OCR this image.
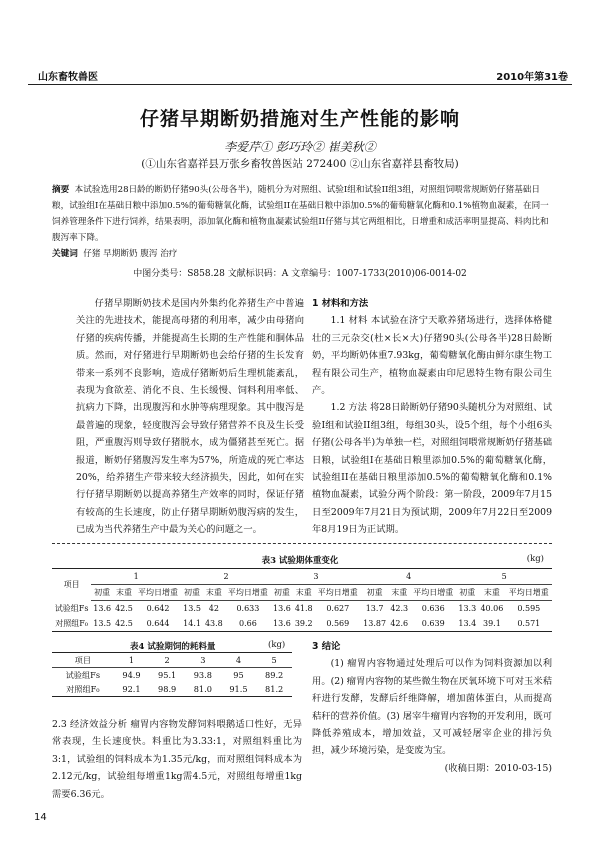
山东畜牧兽医	2010年第31卷
仔猪早期断奶措施对生产性能的影响
李爱芹① 彭巧玲② 崔美秋②
(①山东省嘉祥县万张乡畜牧兽医站 272400 ②山东省嘉祥县畜牧局)
摘要 本试验选用28日龄的断奶仔猪90头(公母各半)，随机分为对照组、试验I组和试验II组3组，对照组饲喂常规断奶仔猪基础日粮，试验组I在基础日粮中添加0.5%的葡萄糖氧化酶，试验组II在基础日粮中添加0.5%的葡萄糖氧化酶和0.1%植物血凝素，在同一饲养管理条件下进行饲养，结果表明，添加氧化酶和植物血凝素试验组II仔猪与其它两组相比，日增重和成活率明显提高、料肉比和腹泻率下降。
关键词 仔猪 早期断奶 腹泻 治疗
中图分类号：S858.28 文献标识码：A 文章编号：1007-1733(2010)06-0014-02

仔猪早期断奶技术是国内外集约化养猪生产中普遍关注的先进技术，能提高母猪的利用率，减少由母猪向仔猪的疾病传播，并能提高生长期的生产性能和胴体品质。然而，对仔猪进行早期断奶也会给仔猪的生长发育带来一系列不良影响，造成仔猪断奶后生理机能紊乱，表现为食欲差、消化不良、生长缓慢、饲料利用率低、抗病力下降，出现腹泻和水肿等病理现象。其中腹泻是最普遍的现象，轻度腹泻会导致仔猪营养不良及生长受阻，严重腹泻则导致仔猪脱水，成为僵猪甚至死亡。据报道，断奶仔猪腹泻发生率为57%，所造成的死亡率达20%，给养猪生产带来较大经济损失，因此，如何在实行仔猪早期断奶以提高养猪生产效率的同时，保证仔猪有较高的生长速度，防止仔猪早期断奶腹泻病的发生，已成为当代养猪生产中最为关心的问题之一。

1 材料和方法

1.1 材料 本试验在济宁天歌养猪场进行，选择体格健壮的三元杂交(杜×长×大)仔猪90头(公母各半)28日龄断奶，平均断奶体重7.93kg，葡萄糖氧化酶由鲜尔康生物工程有限公司生产，植物血凝素由印尼恩特生物有限公司生产。

1.2 方法 将28日龄断奶仔猪90头随机分为对照组、试验I组和试验II组3组，每组30头，设5个组，每个小组6头仔猪(公母各半)为单独一栏，对照组饲喂常规断奶仔猪基础日粮，试验组I在基础日粮里添加0.5%的葡萄糖氧化酶，试验组II在基础日粮里添加0.5%的葡萄糖氧化酶和0.1%植物血凝素，试验分两个阶段：第一阶段，2009年7月15日至2009年7月21日为预试期，2009年7月22日至2009年8月19日为正试期。

表3 试验期体重变化	(kg)
项目	1			2			3			4			5		
	初重	末重	平均日增重	初重	末重	平均日增重	初重	末重	平均日增重	初重	末重	平均日增重	初重	末重	平均日增重
试验组Fs	13.6	42.5	0.642	13.5	42	0.633	13.6	41.8	0.627	13.7	42.3	0.636	13.3	40.06	0.595
对照组F₀	13.5	42.5	0.644	14.1	43.8	0.66	13.6	39.2	0.569	13.87	42.6	0.639	13.4	39.1	0.571
表4 试验期饲的耗料量	(kg)
项目	1	2	3	4	5
试验组Fs	94.9	95.1	93.8	95	89.2
对照组F₀	92.1	98.9	81.0	91.5	81.2

2.3 经济效益分析 瘤胃内容物发酵饲料喂鹅适口性好，无异常表现，生长速度快。料重比为3.33:1，对照组料重比为3:1，试验组的饲料成本为1.35元/kg，而对照组饲料成本为2.12元/kg，试验组每增重1kg需4.5元，对照组每增重1kg需要6.36元。

3 结论

(1) 瘤胃内容物通过处理后可以作为饲料资源加以利用。(2) 瘤胃内容物的某些微生物在厌氧环境下可对玉米秸秆进行发酵，发酵后纤维降解，增加菌体蛋白，从而提高秸秆的营养价值。(3) 屠宰牛瘤胃内容物的开发利用，既可降低养殖成本，增加效益，又可减轻屠宰企业的排污负担，减少环境污染，是变废为宝。

(收稿日期：2010-03-15)

14
